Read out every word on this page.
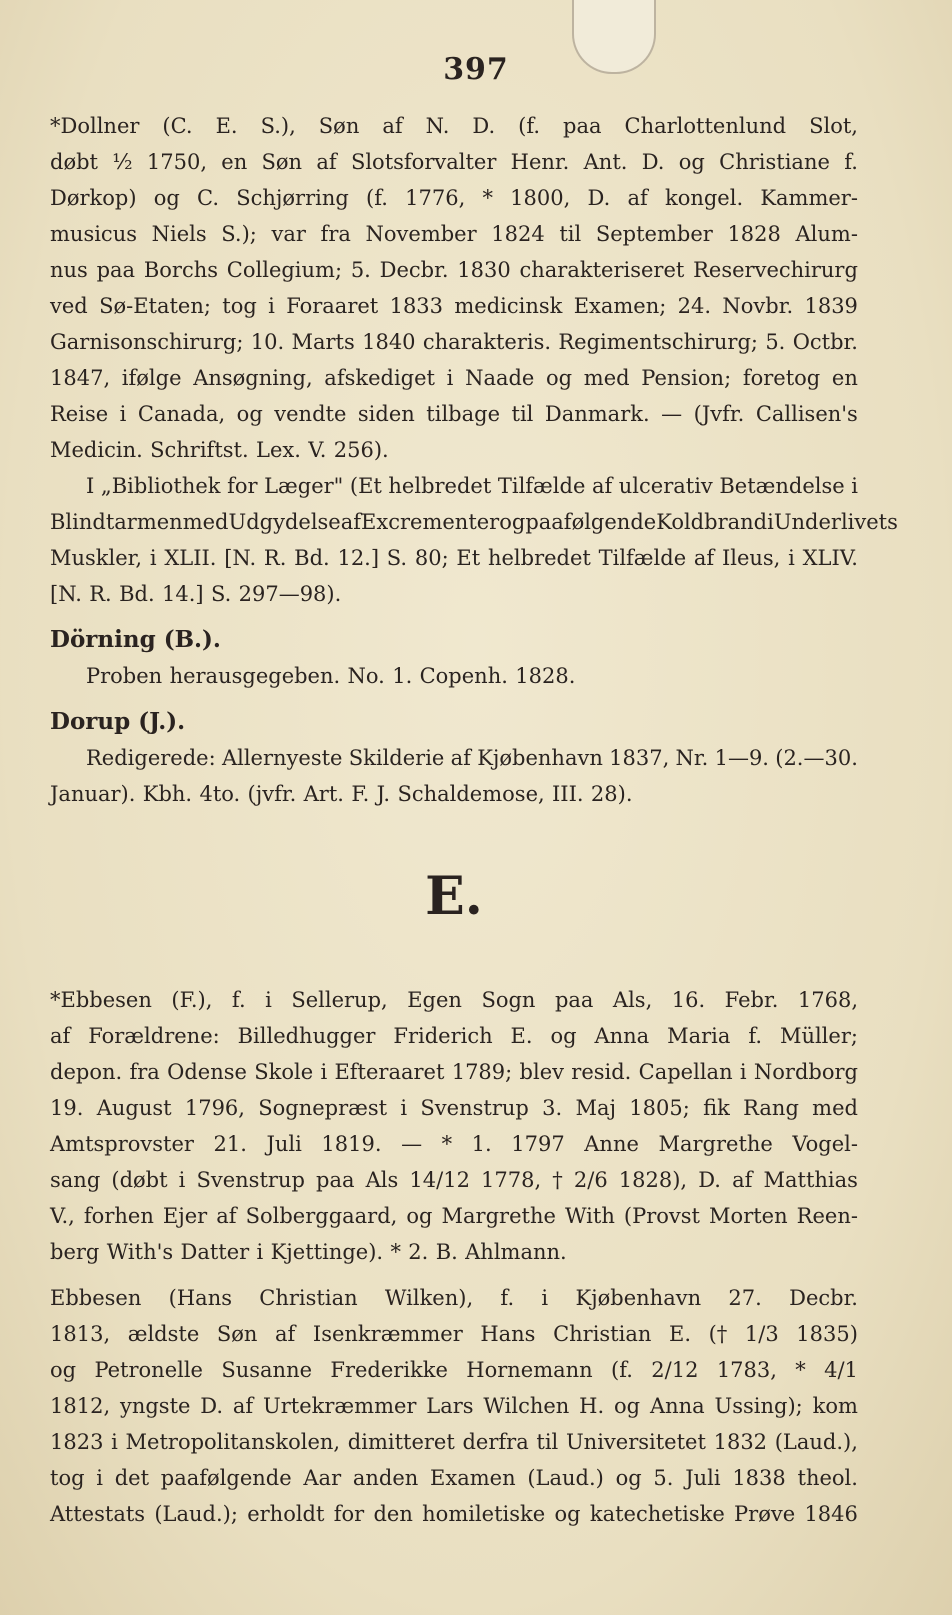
397
*Dollner (C. E. S.), Søn af N. D. (f. paa Charlottenlund Slot,
døbt ½ 1750, en Søn af Slotsforvalter Henr. Ant. D. og Christiane f.
Dørkop) og C. Schjørring (f. 1776, * 1800, D. af kongel. Kammer-
musicus Niels S.); var fra November 1824 til September 1828 Alum-
nus paa Borchs Collegium; 5. Decbr. 1830 charakteriseret Reservechirurg
ved Sø-Etaten; tog i Foraaret 1833 medicinsk Examen; 24. Novbr. 1839
Garnisonschirurg; 10. Marts 1840 charakteris. Regimentschirurg; 5. Octbr.
1847, ifølge Ansøgning, afskediget i Naade og med Pension; foretog en
Reise i Canada, og vendte siden tilbage til Danmark. — (Jvfr. Callisen's
Medicin. Schriftst. Lex. V. 256).
I „Bibliothek for Læger" (Et helbredet Tilfælde af ulcerativ Betændelse i
Blindtarmen med Udgydelse af Excrementer og paafølgende Koldbrand i Underlivets
Muskler, i XLII. [N. R. Bd. 12.] S. 80; Et helbredet Tilfælde af Ileus, i XLIV.
[N. R. Bd. 14.] S. 297—98).
Dörning (B.).
Proben herausgegeben. No. 1. Copenh. 1828.
Dorup (J.).
Redigerede: Allernyeste Skilderie af Kjøbenhavn 1837, Nr. 1—9. (2.—30.
Januar). Kbh. 4to. (jvfr. Art. F. J. Schaldemose, III. 28).
E.
*Ebbesen (F.), f. i Sellerup, Egen Sogn paa Als, 16. Febr. 1768,
af Forældrene: Billedhugger Friderich E. og Anna Maria f. Müller;
depon. fra Odense Skole i Efteraaret 1789; blev resid. Capellan i Nordborg
19. August 1796, Sognepræst i Svenstrup 3. Maj 1805; fik Rang med
Amtsprovster 21. Juli 1819. — * 1. 1797 Anne Margrethe Vogel-
sang (døbt i Svenstrup paa Als 14/12 1778, † 2/6 1828), D. af Matthias
V., forhen Ejer af Solberggaard, og Margrethe With (Provst Morten Reen-
berg With's Datter i Kjettinge). * 2. B. Ahlmann.
Ebbesen (Hans Christian Wilken), f. i Kjøbenhavn 27. Decbr.
1813, ældste Søn af Isenkræmmer Hans Christian E. († 1/3 1835)
og Petronelle Susanne Frederikke Hornemann (f. 2/12 1783, * 4/1
1812, yngste D. af Urtekræmmer Lars Wilchen H. og Anna Ussing); kom
1823 i Metropolitanskolen, dimitteret derfra til Universitetet 1832 (Laud.),
tog i det paafølgende Aar anden Examen (Laud.) og 5. Juli 1838 theol.
Attestats (Laud.); erholdt for den homiletiske og katechetiske Prøve 1846
